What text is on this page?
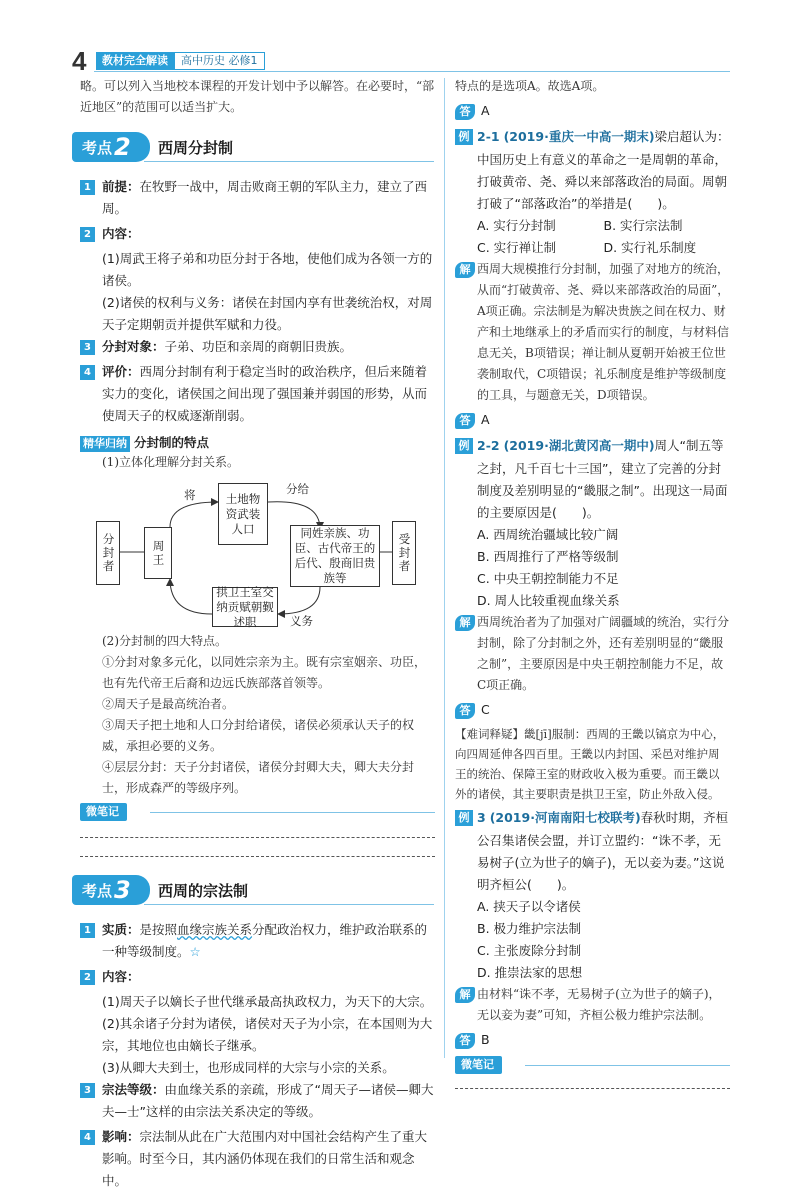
4	教材完全解读	高中历史 必修1
略。可以列入当地校本课程的开发计划中予以解答。在必要时，“部近地区”的范围可以适当扩大。
考点2	西周分封制
1 前提：在牧野一战中，周击败商王朝的军队主力，建立了西周。
2 内容：
(1)周武王将子弟和功臣分封于各地，使他们成为各领一方的诸侯。
(2)诸侯的权利与义务：诸侯在封国内享有世袭统治权，对周天子定期朝贡并提供军赋和力役。
3 分封对象：子弟、功臣和亲周的商朝旧贵族。
4 评价：西周分封制有利于稳定当时的政治秩序，但后来随着实力的变化，诸侯国之间出现了强国兼并弱国的形势，从而使周天子的权威逐渐削弱。
精华归纳 分封制的特点
(1)立体化理解分封关系。
分封者	周王
土地物资武装人口	同姓亲族、功臣、古代帝王的后代、殷商旧贵族等
受封者
拱卫王室交纳贡赋朝觐述职
将	分给
义务
(2)分封制的四大特点。
①分封对象多元化，以同姓宗亲为主。既有宗室姻亲、功臣，也有先代帝王后裔和边远氏族部落首领等。
②周天子是最高统治者。
③周天子把土地和人口分封给诸侯，诸侯必须承认天子的权威，承担必要的义务。
④层层分封：天子分封诸侯，诸侯分封卿大夫，卿大夫分封士，形成森严的等级序列。
微笔记
考点3	西周的宗法制
1 实质：是按照血缘宗族关系分配政治权力，维护政治联系的一种等级制度。☆
2 内容：
(1)周天子以嫡长子世代继承最高执政权力，为天下的大宗。
(2)其余诸子分封为诸侯，诸侯对天子为小宗，在本国则为大宗，其地位也由嫡长子继承。
(3)从卿大夫到士，也形成同样的大宗与小宗的关系。
3 宗法等级：由血缘关系的亲疏，形成了“周天子—诸侯—卿大夫—士”这样的由宗法关系决定的等级。
4 影响：宗法制从此在广大范围内对中国社会结构产生了重大影响。时至今日，其内涵仍体现在我们的日常生活和观念中。
特点的是选项A。故选A项。
答 A
例 2-1 (2019·重庆一中高一期末)梁启超认为：
中国历史上有意义的革命之一是周朝的革命，打破黄帝、尧、舜以来部落政治的局面。周朝打破了“部落政治”的举措是(　　)。
A. 实行分封制	B. 实行宗法制
C. 实行禅让制	D. 实行礼乐制度
解 西周大规模推行分封制，加强了对地方的统治，从而“打破黄帝、尧、舜以来部落政治的局面”，A项正确。宗法制是为解决贵族之间在权力、财产和土地继承上的矛盾而实行的制度，与材料信息无关，B项错误；禅让制从夏朝开始被王位世袭制取代，C项错误；礼乐制度是维护等级制度的工具，与题意无关，D项错误。
答 A
例 2-2 (2019·湖北黄冈高一期中)周人“制五等
之封，凡千百七十三国”，建立了完善的分封制度及差别明显的“畿服之制”。出现这一局面的主要原因是(　　)。
A. 西周统治疆域比较广阔
B. 西周推行了严格等级制
C. 中央王朝控制能力不足
D. 周人比较重视血缘关系
解 西周统治者为了加强对广阔疆域的统治，实行分封制，除了分封制之外，还有差别明显的“畿服之制”，主要原因是中央王朝控制能力不足，故C项正确。
答 C
【难词释疑】畿[jī]服制：西周的王畿以镐京为中心，向四周延伸各四百里。王畿以内封国、采邑对维护周王的统治、保障王室的财政收入极为重要。而王畿以外的诸侯，其主要职责是拱卫王室，防止外敌入侵。
例 3 (2019·河南南阳七校联考)春秋时期，齐桓
公召集诸侯会盟，并订立盟约：“诛不孝，无易树子(立为世子的嫡子)，无以妾为妻。”这说明齐桓公(　　)。
A. 挟天子以令诸侯
B. 极力维护宗法制
C. 主张废除分封制
D. 推崇法家的思想
解 由材料“诛不孝，无易树子(立为世子的嫡子)，无以妾为妻”可知，齐桓公极力维护宗法制。
答 B
微笔记
